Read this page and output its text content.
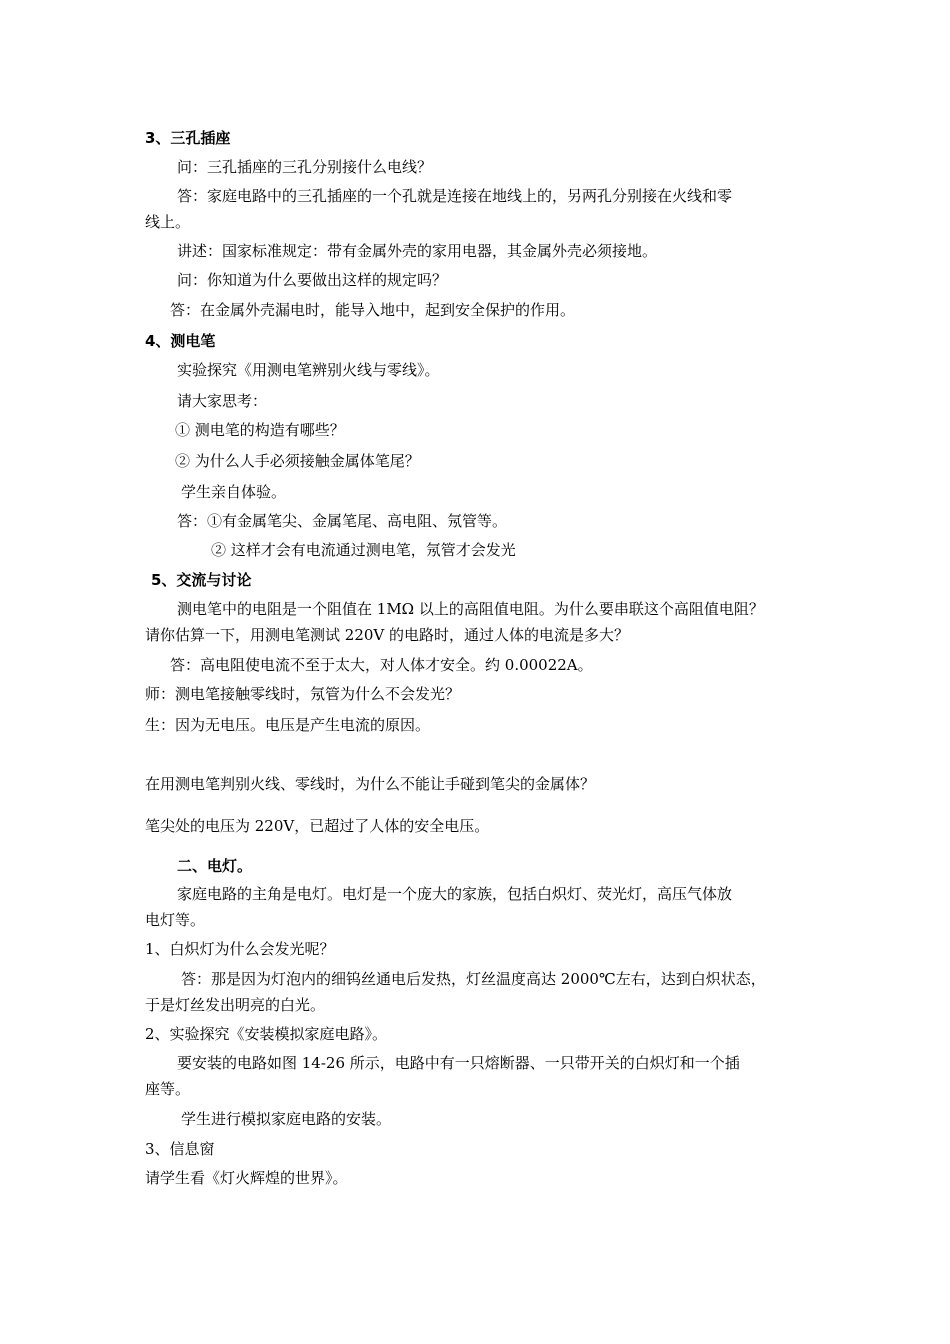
3、三孔插座
问：三孔插座的三孔分别接什么电线？
答：家庭电路中的三孔插座的一个孔就是连接在地线上的，另两孔分别接在火线和零
线上。
讲述：国家标准规定：带有金属外壳的家用电器，其金属外壳必须接地。
问：你知道为什么要做出这样的规定吗？
答：在金属外壳漏电时，能导入地中，起到安全保护的作用。
4、测电笔
实验探究《用测电笔辨别火线与零线》。
请大家思考：
① 测电笔的构造有哪些？
② 为什么人手必须接触金属体笔尾？
学生亲自体验。
答：①有金属笔尖、金属笔尾、高电阻、氖管等。
② 这样才会有电流通过测电笔，氖管才会发光
5、交流与讨论
测电笔中的电阻是一个阻值在 1MΩ 以上的高阻值电阻。为什么要串联这个高阻值电阻？
请你估算一下，用测电笔测试 220V 的电路时，通过人体的电流是多大？
答：高电阻使电流不至于太大，对人体才安全。约 0.00022A。
师：测电笔接触零线时，氖管为什么不会发光？
生：因为无电压。电压是产生电流的原因。
在用测电笔判别火线、零线时，为什么不能让手碰到笔尖的金属体？
笔尖处的电压为 220V，已超过了人体的安全电压。
二、电灯。
家庭电路的主角是电灯。电灯是一个庞大的家族，包括白炽灯、荧光灯，高压气体放
电灯等。
1、白炽灯为什么会发光呢？
答：那是因为灯泡内的细钨丝通电后发热，灯丝温度高达 2000℃左右，达到白炽状态，
于是灯丝发出明亮的白光。
2、实验探究《安装模拟家庭电路》。
要安装的电路如图 14-26 所示，电路中有一只熔断器、一只带开关的白炽灯和一个插
座等。
学生进行模拟家庭电路的安装。
3、信息窗
请学生看《灯火辉煌的世界》。
